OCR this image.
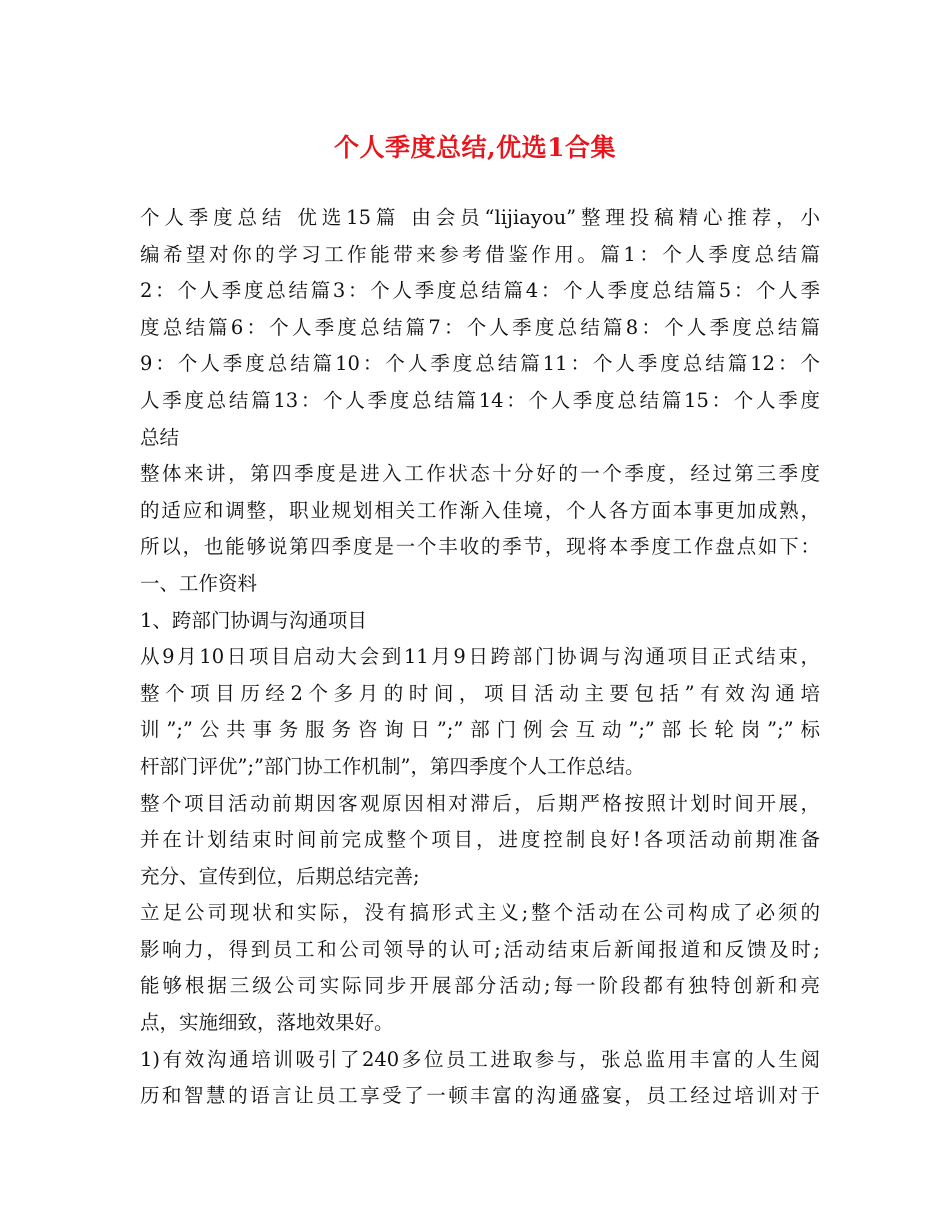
个人季度总结,优选1合集
个人季度总结 优选15篇 由会员“lijiayou”整理投稿精心推荐，小
编希望对你的学习工作能带来参考借鉴作用。篇1：个人季度总结篇
2：个人季度总结篇3：个人季度总结篇4：个人季度总结篇5：个人季
度总结篇6：个人季度总结篇7：个人季度总结篇8：个人季度总结篇
9：个人季度总结篇10：个人季度总结篇11：个人季度总结篇12：个
人季度总结篇13：个人季度总结篇14：个人季度总结篇15：个人季度
总结
整体来讲，第四季度是进入工作状态十分好的一个季度，经过第三季度
的适应和调整，职业规划相关工作渐入佳境，个人各方面本事更加成熟，
所以，也能够说第四季度是一个丰收的季节，现将本季度工作盘点如下：
一、工作资料
1、跨部门协调与沟通项目
从9月10日项目启动大会到11月9日跨部门协调与沟通项目正式结束，
整个项目历经2个多月的时间，项目活动主要包括”有效沟通培
训”;”公共事务服务咨询日”;”部门例会互动”;”部长轮岗”;”标
杆部门评优”;”部门协工作机制”，第四季度个人工作总结。
整个项目活动前期因客观原因相对滞后，后期严格按照计划时间开展，
并在计划结束时间前完成整个项目，进度控制良好!各项活动前期准备
充分、宣传到位，后期总结完善;
立足公司现状和实际，没有搞形式主义;整个活动在公司构成了必须的
影响力，得到员工和公司领导的认可;活动结束后新闻报道和反馈及时;
能够根据三级公司实际同步开展部分活动;每一阶段都有独特创新和亮
点，实施细致，落地效果好。
1)有效沟通培训吸引了240多位员工进取参与，张总监用丰富的人生阅
历和智慧的语言让员工享受了一顿丰富的沟通盛宴，员工经过培训对于
